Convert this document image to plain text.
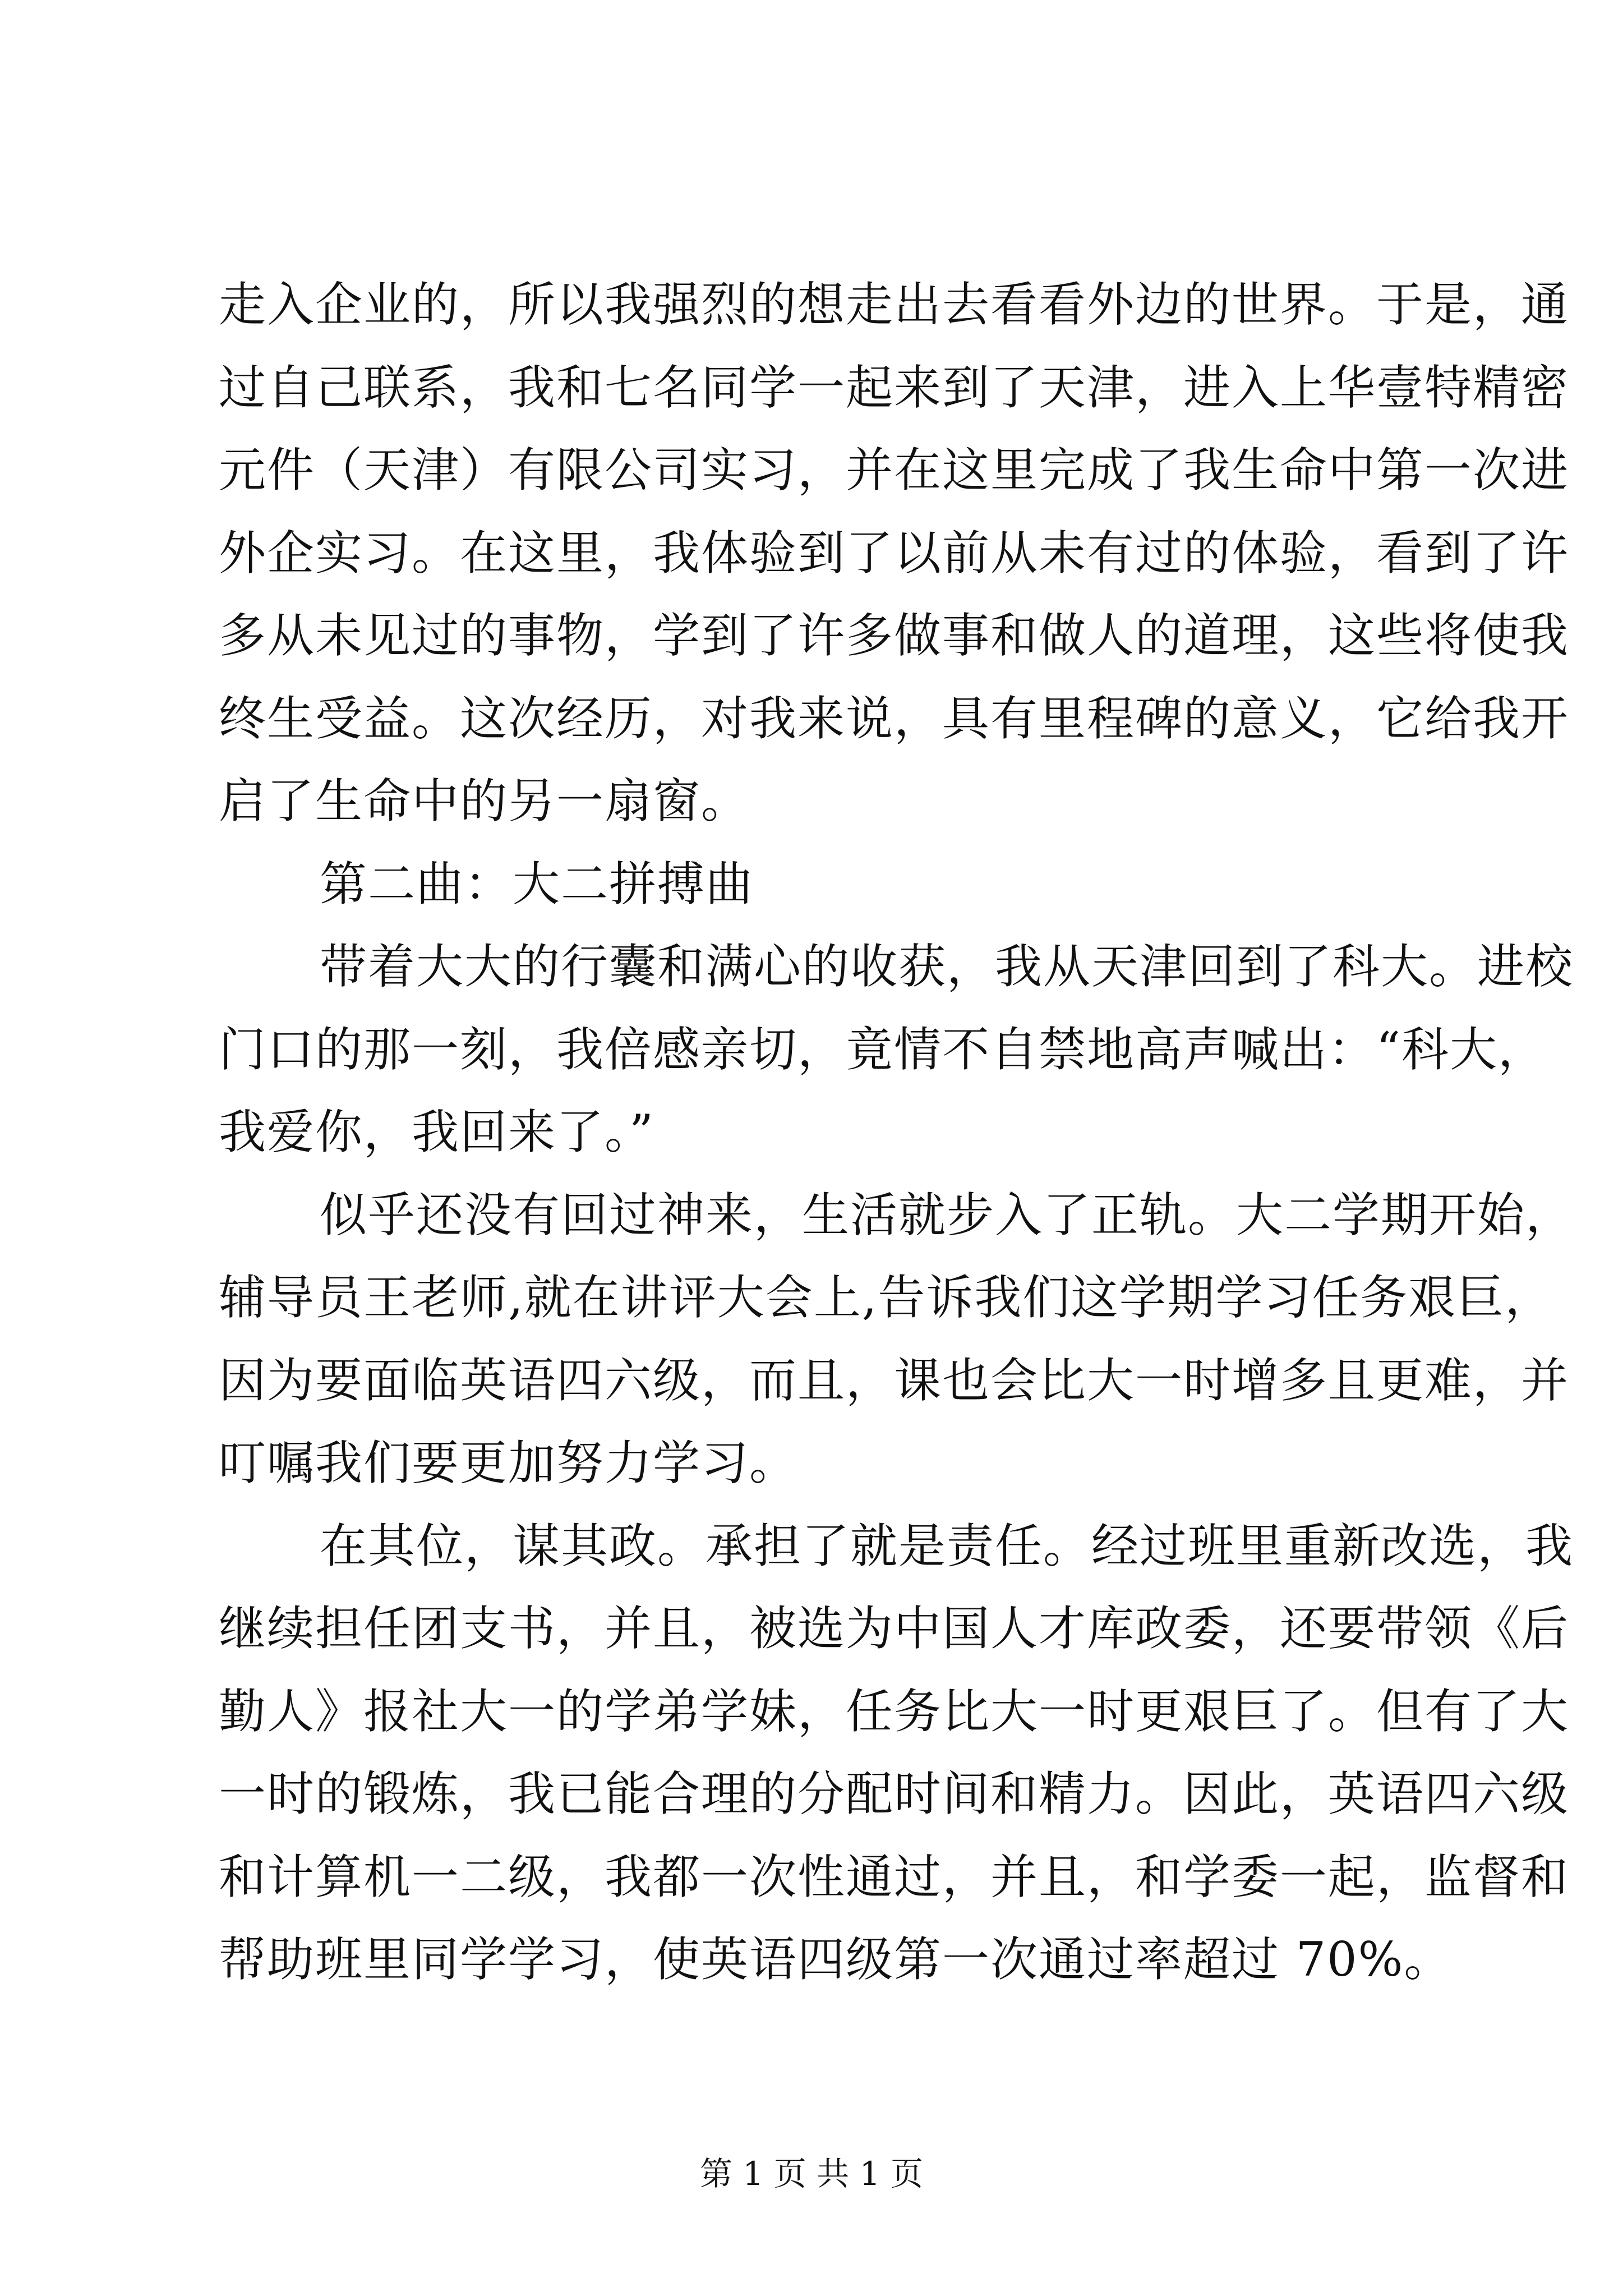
走入企业的，所以我强烈的想走出去看看外边的世界。于是，通
过自己联系，我和七名同学一起来到了天津，进入上华壹特精密
元件（天津）有限公司实习，并在这里完成了我生命中第一次进
外企实习。在这里，我体验到了以前从未有过的体验，看到了许
多从未见过的事物，学到了许多做事和做人的道理，这些将使我
终生受益。这次经历，对我来说，具有里程碑的意义，它给我开
启了生命中的另一扇窗。
第二曲：大二拼搏曲
带着大大的行囊和满心的收获，我从天津回到了科大。进校
门口的那一刻，我倍感亲切，竟情不自禁地高声喊出：“科大，
我爱你，我回来了。”
似乎还没有回过神来，生活就步入了正轨。大二学期开始，
辅导员王老师,就在讲评大会上,告诉我们这学期学习任务艰巨，
因为要面临英语四六级，而且，课也会比大一时增多且更难，并
叮嘱我们要更加努力学习。
在其位，谋其政。承担了就是责任。经过班里重新改选，我
继续担任团支书，并且，被选为中国人才库政委，还要带领《后
勤人》报社大一的学弟学妹，任务比大一时更艰巨了。但有了大
一时的锻炼，我已能合理的分配时间和精力。因此，英语四六级
和计算机一二级，我都一次性通过，并且，和学委一起，监督和
帮助班里同学学习，使英语四级第一次通过率超过 70%。
第 1 页 共 1 页
